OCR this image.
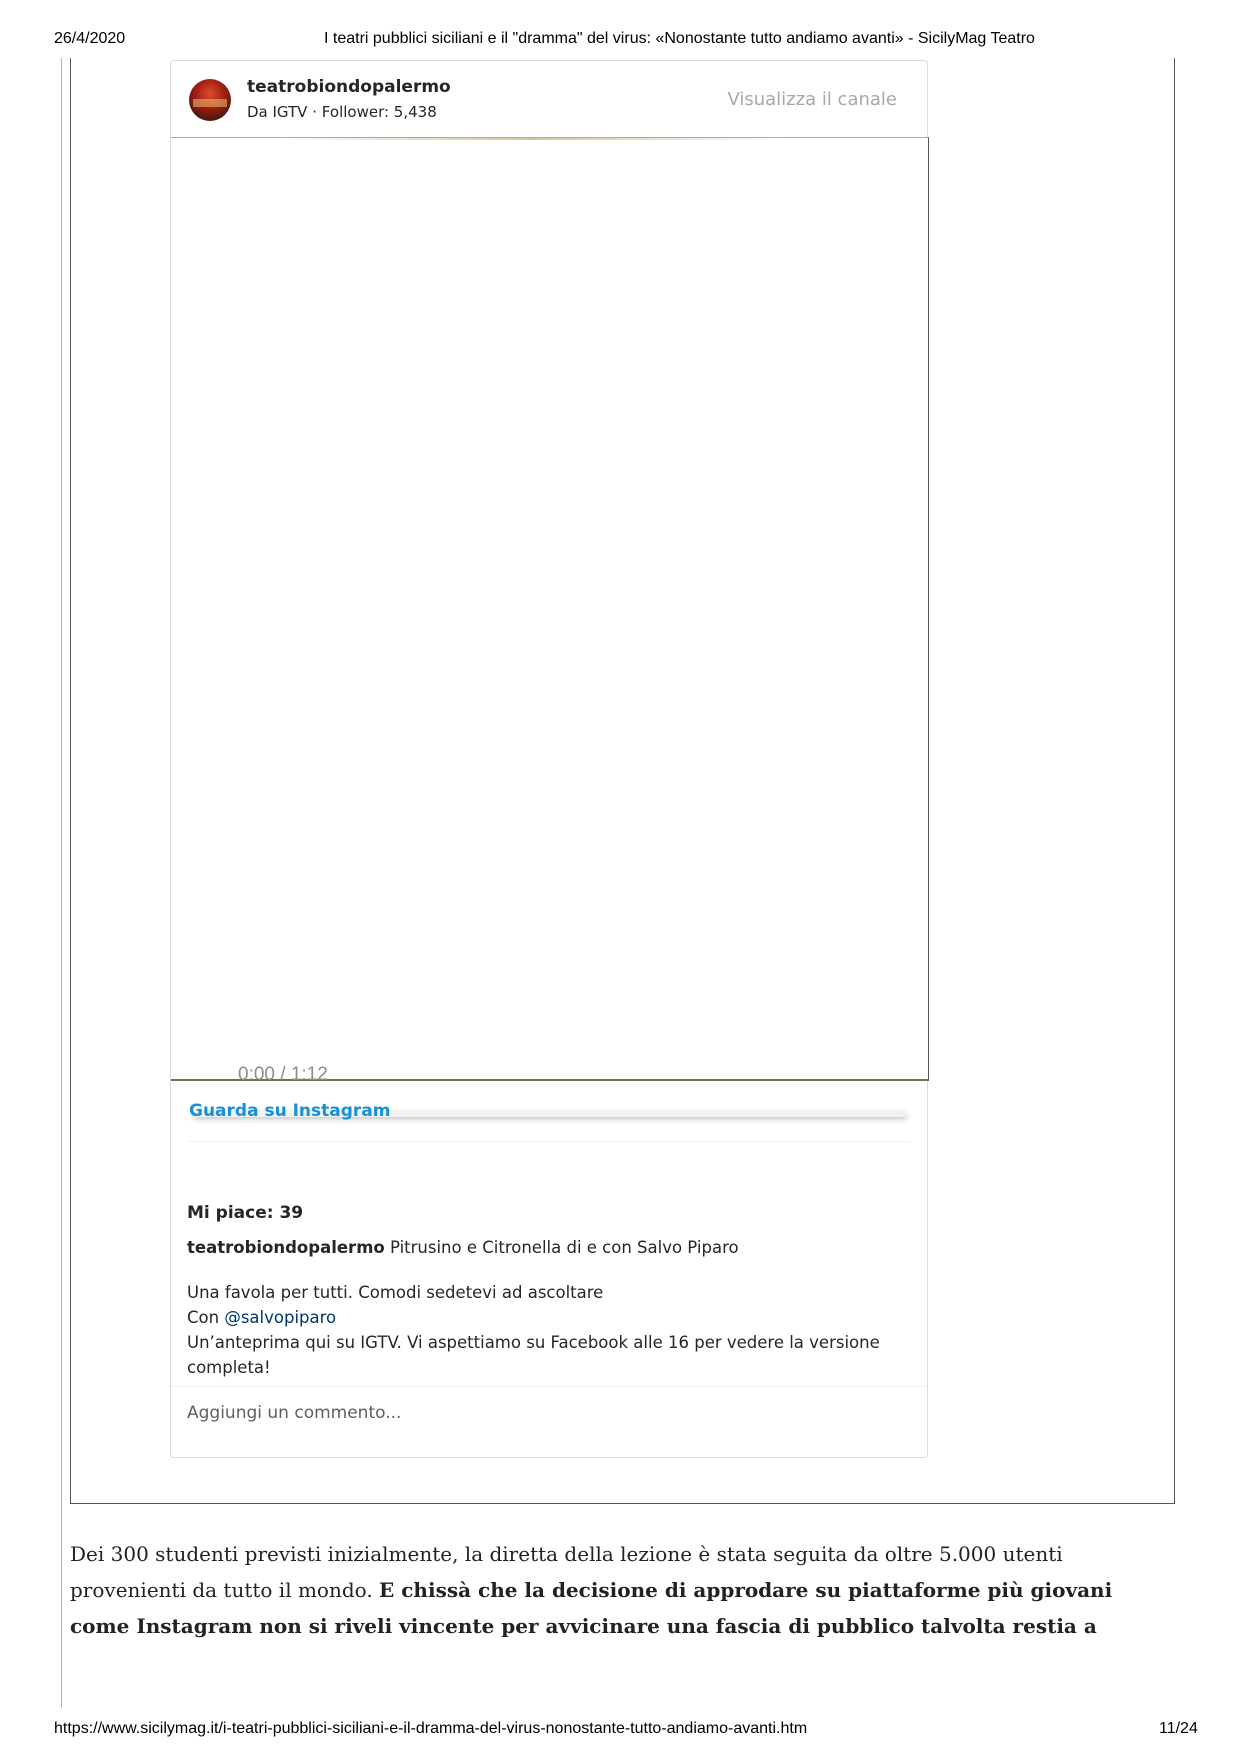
26/4/2020	I teatri pubblici siciliani e il "dramma" del virus: «Nonostante tutto andiamo avanti» - SicilyMag Teatro
teatrobiondopalermo
Da IGTV · Follower: 5,438
Visualizza il canale
0:00 / 1:12
Guarda su Instagram
Mi piace: 39
teatrobiondopalermo Pitrusino e Citronella di e con Salvo Piparo
Una favola per tutti. Comodi sedetevi ad ascoltare
Con @salvopiparo
Un’anteprima qui su IGTV. Vi aspettiamo su Facebook alle 16 per vedere la versione completa!
Aggiungi un commento...
Dei 300 studenti previsti inizialmente, la diretta della lezione è stata seguita da oltre 5.000 utenti provenienti da tutto il mondo. E chissà che la decisione di approdare su piattaforme più giovani come Instagram non si riveli vincente per avvicinare una fascia di pubblico talvolta restia a
https://www.sicilymag.it/i-teatri-pubblici-siciliani-e-il-dramma-del-virus-nonostante-tutto-andiamo-avanti.htm	11/24
